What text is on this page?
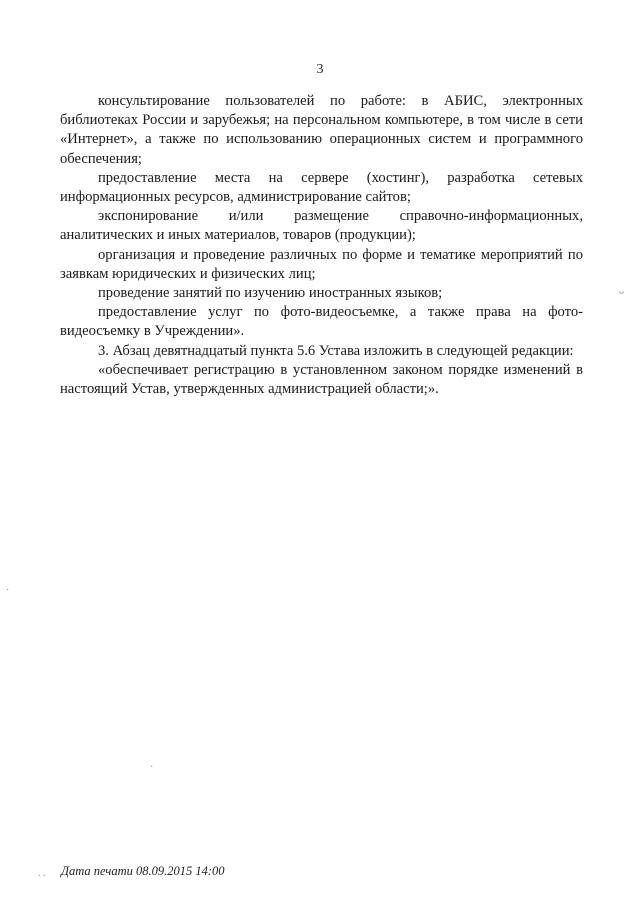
3

консультирование пользователей по работе: в АБИС, электронных библиотеках России и зарубежья; на персональном компьютере, в том числе в сети «Интернет», а также по использованию операционных систем и программного обеспечения;

предоставление места на сервере (хостинг), разработка сетевых информационных ресурсов, администрирование сайтов;

экспонирование и/или размещение справочно-информационных, аналитических и иных материалов, товаров (продукции);

организация и проведение различных по форме и тематике мероприятий по заявкам юридических и физических лиц;

проведение занятий по изучению иностранных языков;

предоставление услуг по фото-видеосъемке, а также права на фото-видеосъемку в Учреждении».

3. Абзац девятнадцатый пункта 5.6 Устава изложить в следующей редакции:

«обеспечивает регистрацию в установленном законом порядке изменений в настоящий Устав, утвержденных администрацией области;».

ᴗ
·
·
. . Дата печати 08.09.2015 14:00
